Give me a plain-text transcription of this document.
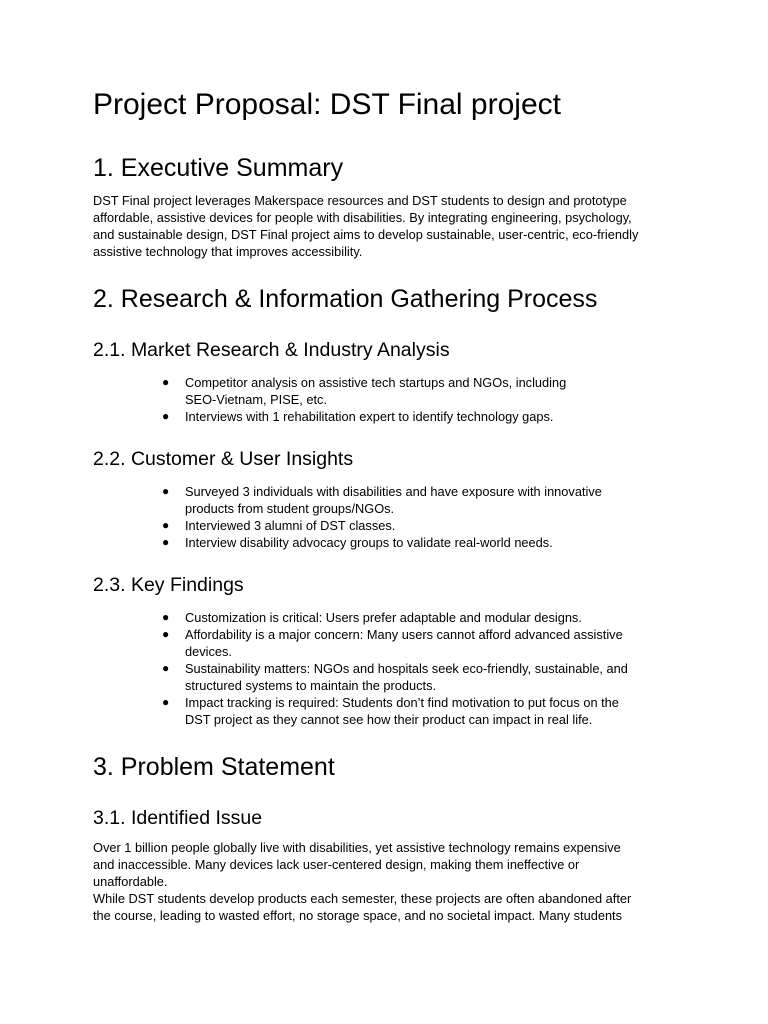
Project Proposal: DST Final project
1. Executive Summary

DST Final project leverages Makerspace resources and DST students to design and prototype
affordable, assistive devices for people with disabilities. By integrating engineering, psychology,
and sustainable design, DST Final project aims to develop sustainable, user-centric, eco-friendly
assistive technology that improves accessibility.

2. Research & Information Gathering Process
2.1. Market Research & Industry Analysis
● Competitor analysis on assistive tech startups and NGOs, including
SEO-Vietnam, PISE, etc.
● Interviews with 1 rehabilitation expert to identify technology gaps.
2.2. Customer & User Insights
● Surveyed 3 individuals with disabilities and have exposure with innovative
products from student groups/NGOs.
● Interviewed 3 alumni of DST classes.
● Interview disability advocacy groups to validate real-world needs.
2.3. Key Findings
● Customization is critical: Users prefer adaptable and modular designs.
● Affordability is a major concern: Many users cannot afford advanced assistive
devices.
● Sustainability matters: NGOs and hospitals seek eco-friendly, sustainable, and
structured systems to maintain the products.
● Impact tracking is required: Students don’t find motivation to put focus on the
DST project as they cannot see how their product can impact in real life.
3. Problem Statement
3.1. Identified Issue

Over 1 billion people globally live with disabilities, yet assistive technology remains expensive
and inaccessible. Many devices lack user-centered design, making them ineffective or
unaffordable.
While DST students develop products each semester, these projects are often abandoned after
the course, leading to wasted effort, no storage space, and no societal impact. Many students
